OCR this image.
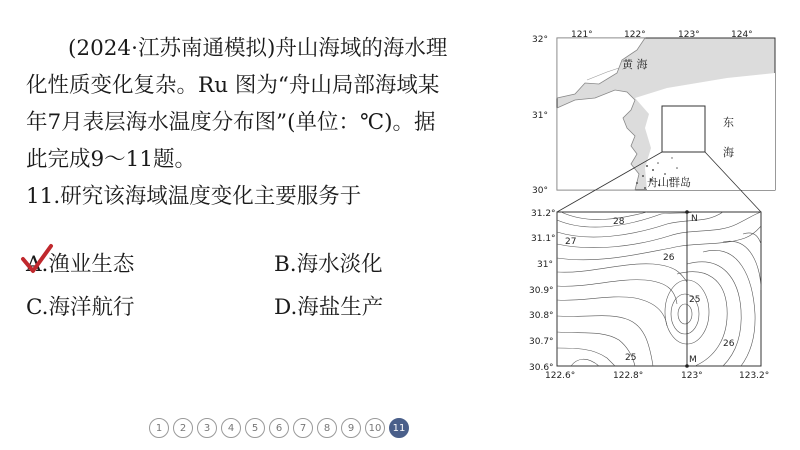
(2024·江苏南通模拟)舟山海域的海水理
化性质变化复杂。Ru 图为“舟山局部海域某
年7月表层海水温度分布图”(单位：℃)。据
此完成9～11题。
11.研究该海域温度变化主要服务于
A.渔业生态	B.海水淡化
C.海洋航行	D.海盐生产
121°	122°	123°	124°
32°
31°
30°
黄 海
东
海
舟山群岛
N
M
28
27
26
25
26
25
31.2°
31.1°
31°
30.9°
30.8°
30.7°
30.6°
122.6°	122.8°	123°	123.2°
1	2	3	4	5	6	7	8	9	10	11
